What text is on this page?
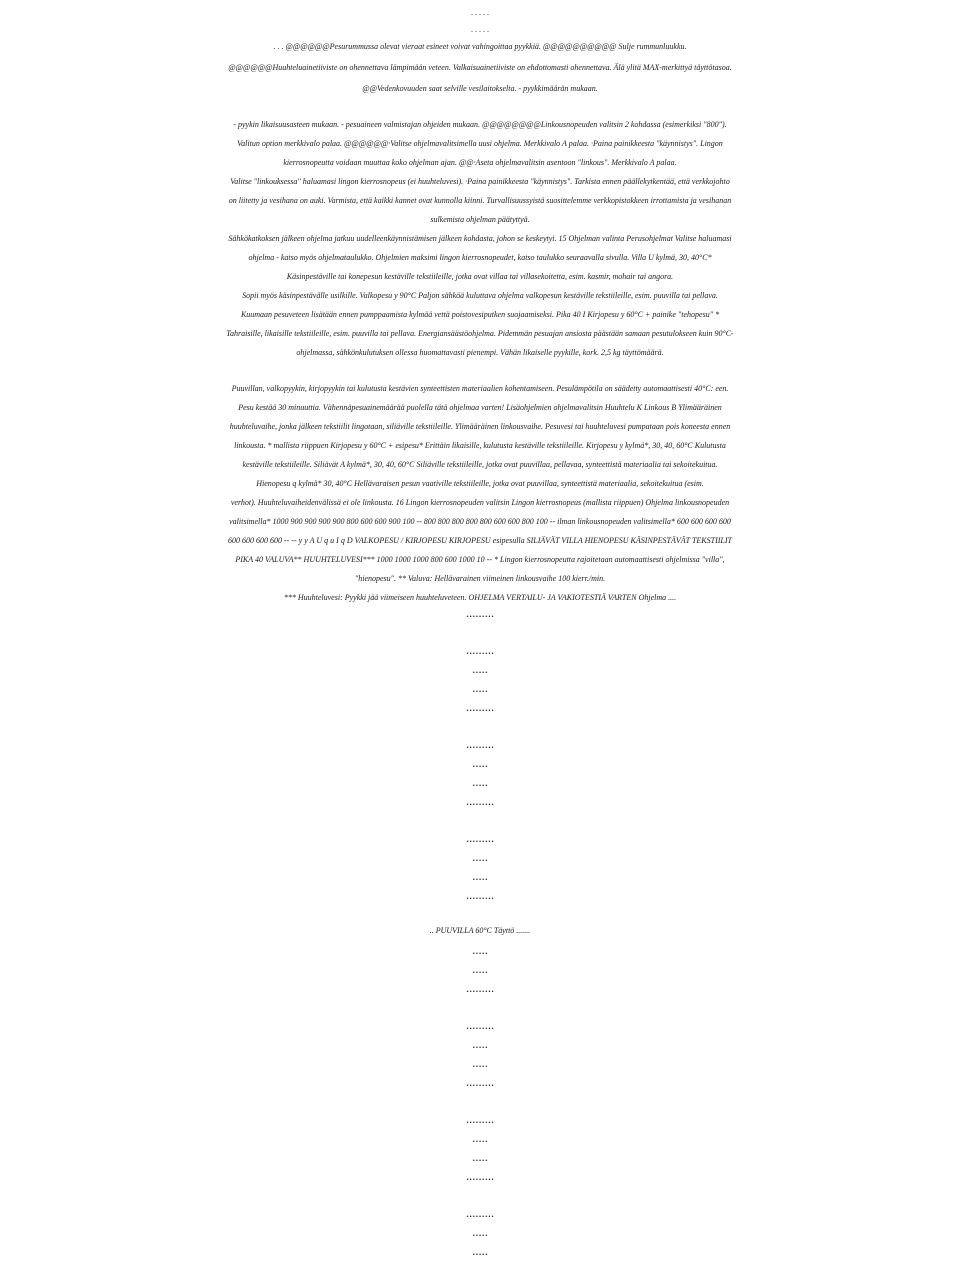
. . . . .
. . . . .
. . . @@@@@@Pesurummussa olevat vieraat esineet voivat vahingoittaa pyykkiä. @@@@@@@@@@ Sulje rummunluukku.
@@@@@@Huuhteluainetiiviste on ohennettava lämpimään veteen. Valkaisuainetiiviste on ehdottomasti ohennettava. Älä ylitä MAX-merkittyä täyttötasoa.
@@Vedenkovuuden saat selville vesilaitokselta. - pyykkimäärän mukaan.
- pyykin likaisuusasteen mukaan. - pesuaineen valmistajan ohjeiden mukaan. @@@@@@@@Linkousnopeuden valitsin 2 kohdassa (esimerkiksi "800").
Valitun option merkkivalo palaa. @@@@@@·Valitse ohjelmavalitsimella uusi ohjelma. Merkkivalo A palaa. ·Paina painikkeesta "käynnistys". Lingon
kierrosnopeutta voidaan muuttaa koko ohjelman ajan. @@·Aseta ohjelmavalitsin asentoon "linkous". Merkkivalo A palaa.
Valitse "linkouksessa" haluamasi lingon kierrosnopeus (ei huuhteluvesi). ·Paina painikkeesta "käynnistys". Tarkista ennen päällekytkentää, että verkkojohto
on liitetty ja vesihana on auki. Varmista, että kaikki kannet ovat kunnolla kiinni. Turvallisuussyistä suosittelemme verkkopistokkeen irrottamista ja vesihanan
sulkemista ohjelman päätyttyä.
Sähkökatkoksen jälkeen ohjelma jatkuu uudelleenkäynnistämisen jälkeen kohdasta, johon se keskeytyi. 15 Ohjelman valinta Perusohjelmat Valitse haluamasi
ohjelma - katso myös ohjelmataulukko. Ohjelmien maksimi lingon kierrosnopeudet, katso taulukko seuraavalla sivulla. Villa U kylmä, 30, 40°C*
Käsinpestäville tai konepesun kestäville tekstiileille, jotka ovat villaa tai villasekoitetta, esim. kasmir, mohair tai angora.
Sopii myös käsinpestävälle usilkille. Valkopesu y 90°C Paljon sähköä kuluttava ohjelma valkopesun kestäville tekstiileille, esim. puuvilla tai pellava.
Kuumaan pesuveteen lisätään ennen pumppaamista kylmää vettä poistovesiputken suojaamiseksi. Pika 40 I Kirjopesu y 60°C + painike "tehopesu" *
Tahraisille, likaisille tekstiileille, esim. puuvilla tai pellava. Energiansäästöohjelma. Pidemmän pesuajan ansiosta päästään samaan pesutulokseen kuin 90°C-
ohjelmassa, sähkönkulutuksen ollessa huomattavasti pienempi. Vähän likaiselle pyykille, kork. 2,5 kg täyttömäärä.
Puuvillan, valkopyykin, kirjopyykin tai kulutusta kestävien synteettisten materiaalien kohentamiseen. Pesulämpötila on säädetty automaattisesti 40°C: een.
Pesu kestää 30 minuuttia. Vähennäpesuainemäärää puolella tätä ohjelmaa varten! Lisäohjelmien ohjelmavalitsin Huuhtelu K Linkous B Ylimääräinen
huuhteluvaihe, jonka jälkeen tekstiilit lingotaan, siliäville tekstiileille. Ylimääräinen linkousvaihe. Pesuvesi tai huuhteluvesi pumpataan pois koneesta ennen
linkousta. * mallista riippuen Kirjopesu y 60°C + esipesu* Erittäin likaisille, kulutusta kestäville tekstiileille. Kirjopesu y kylmä*, 30, 40, 60°C Kulutusta
kestäville tekstiileille. Siliävät A kylmä*, 30, 40, 60°C Siliäville tekstiileille, jotka ovat puuvillaa, pellavaa, synteettistä materiaalia tai sekoitekuitua.
Hienopesu q kylmä* 30, 40°C Hellävaraisen pesun vaativille tekstiileille, jotka ovat puuvillaa, synteettistä materiaalia, sekoitekuitua (esim.
verhot). Huuhteluvaiheidenvälissä ei ole linkousta. 16 Lingon kierrosnopeuden valitsin Lingon kierrosnopeus (mallista riippuen) Ohjelma linkousnopeuden
valitsimella* 1000 900 900 900 900 800 600 600 900 100 -- 800 800 800 800 800 600 600 800 100 -- ilman linkousnopeuden valitsimella* 600 600 600 600
600 600 600 600 -- -- y y A U q u I q D VALKOPESU / KIRJOPESU KIRJOPESU esipesulla SILIÄVÄT VILLA HIENOPESU KÄSINPESTÄVÄT TEKSTIILIT
PIKA 40 VALUVA** HUUHTELUVESI*** 1000 1000 1000 800 600 1000 10 -- * Lingon kierrosnopeutta rajoitetaan automaattisesti ohjelmissa "villa",
"hienopesu". ** Valuva: Hellävarainen viimeinen linkousvaihe 100 kierr./min.
*** Huuhteluvesi: Pyykki jää viimeiseen huuhteluveteen. OHJELMA VERTAILU- JA VAKIOTESTIÄ VARTEN Ohjelma ....
.........
.........
.....
.....
.........
.........
.....
.....
.........
.........
.....
.....
.........
.. PUUVILLA 60°C Täyttö .......
.....
.....
.........
.........
.....
.....
.........
.........
.....
.....
.........
.........
.....
.....
